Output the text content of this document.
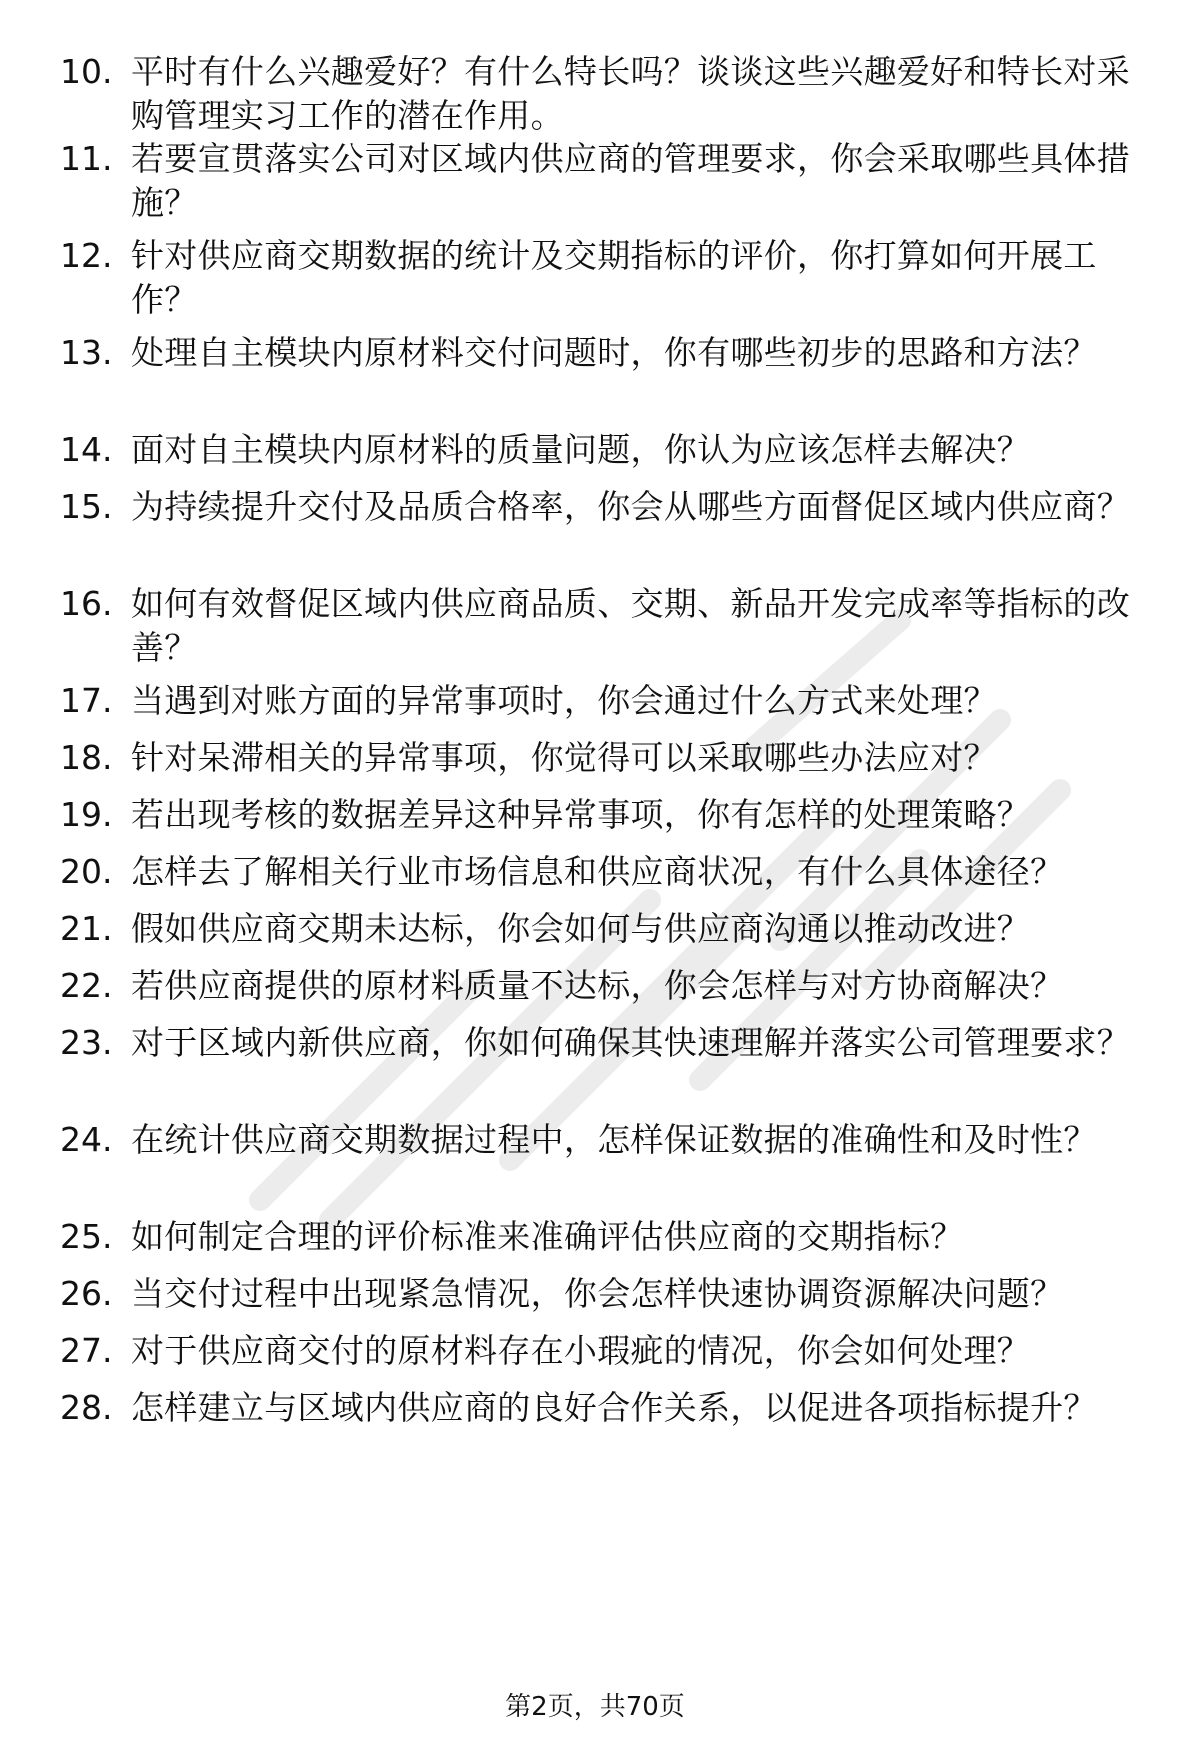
10. 平时有什么兴趣爱好？有什么特长吗？谈谈这些兴趣爱好和特长对采购管理实习工作的潜在作用。
11. 若要宣贯落实公司对区域内供应商的管理要求，你会采取哪些具体措施？
12. 针对供应商交期数据的统计及交期指标的评价，你打算如何开展工作？
13. 处理自主模块内原材料交付问题时，你有哪些初步的思路和方法？
14. 面对自主模块内原材料的质量问题，你认为应该怎样去解决？
15. 为持续提升交付及品质合格率，你会从哪些方面督促区域内供应商？
16. 如何有效督促区域内供应商品质、交期、新品开发完成率等指标的改善？
17. 当遇到对账方面的异常事项时，你会通过什么方式来处理？
18. 针对呆滞相关的异常事项，你觉得可以采取哪些办法应对？
19. 若出现考核的数据差异这种异常事项，你有怎样的处理策略？
20. 怎样去了解相关行业市场信息和供应商状况，有什么具体途径？
21. 假如供应商交期未达标，你会如何与供应商沟通以推动改进？
22. 若供应商提供的原材料质量不达标，你会怎样与对方协商解决？
23. 对于区域内新供应商，你如何确保其快速理解并落实公司管理要求？
24. 在统计供应商交期数据过程中，怎样保证数据的准确性和及时性？
25. 如何制定合理的评价标准来准确评估供应商的交期指标？
26. 当交付过程中出现紧急情况，你会怎样快速协调资源解决问题？
27. 对于供应商交付的原材料存在小瑕疵的情况，你会如何处理？
28. 怎样建立与区域内供应商的良好合作关系，以促进各项指标提升？
第2页，共70页
